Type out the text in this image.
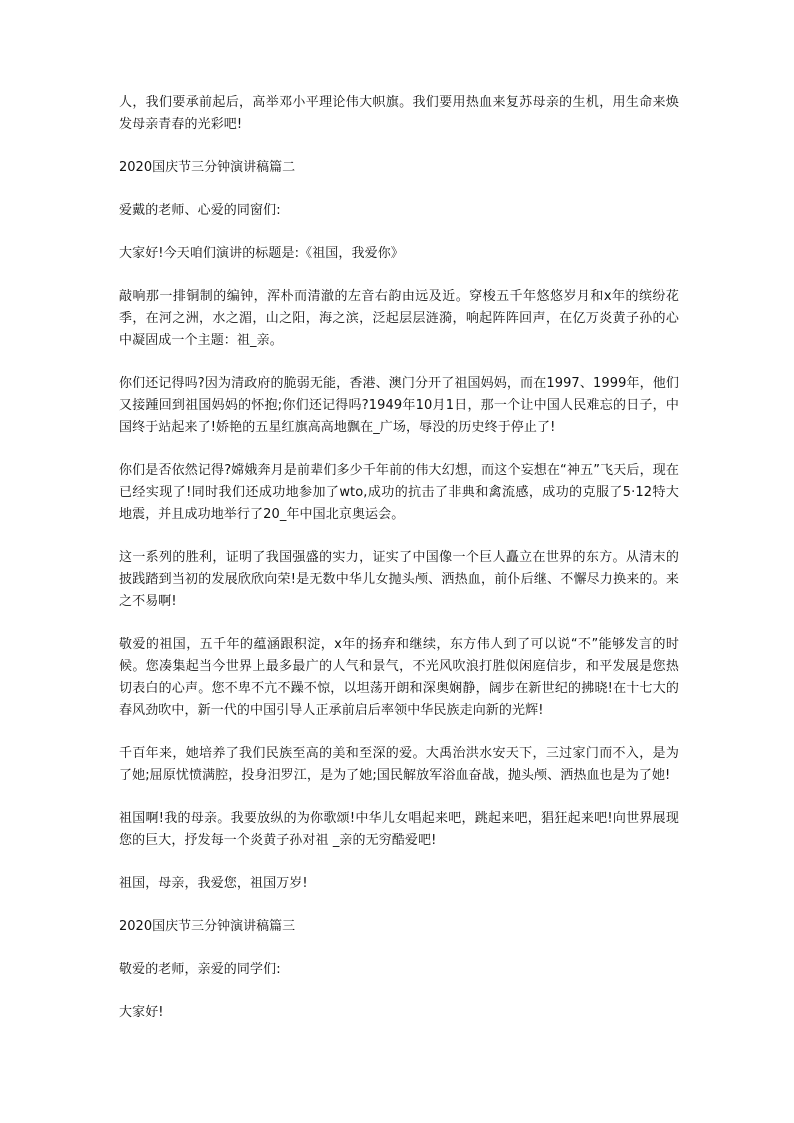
人，我们要承前起后，高举邓小平理论伟大帜旗。我们要用热血来复苏母亲的生机，用生命来焕发母亲青春的光彩吧!

2020国庆节三分钟演讲稿篇二

爱戴的老师、心爱的同窗们:

大家好!今天咱们演讲的标题是:《祖国，我爱你》

敲响那一排铜制的编钟，浑朴而清澈的左音右韵由远及近。穿梭五千年悠悠岁月和x年的缤纷花季，在河之洲，水之湄，山之阳，海之滨，泛起层层涟漪，响起阵阵回声，在亿万炎黄子孙的心中凝固成一个主题：祖_亲。

你们还记得吗?因为清政府的脆弱无能，香港、澳门分开了祖国妈妈，而在1997、1999年，他们又接踵回到祖国妈妈的怀抱;你们还记得吗?1949年10月1日，那一个让中国人民难忘的日子，中国终于站起来了!娇艳的五星红旗高高地飘在_广场，辱没的历史终于停止了!

你们是否依然记得?嫦娥奔月是前辈们多少千年前的伟大幻想，而这个妄想在“神五”飞天后，现在已经实现了!同时我们还成功地参加了wto,成功的抗击了非典和禽流感，成功的克服了5·12特大地震，并且成功地举行了20_年中国北京奥运会。

这一系列的胜利，证明了我国强盛的实力，证实了中国像一个巨人矗立在世界的东方。从清末的披践踏到当初的发展欣欣向荣!是无数中华儿女抛头颅、洒热血，前仆后继、不懈尽力换来的。来之不易啊!

敬爱的祖国，五千年的蕴涵跟积淀，x年的扬弃和继续，东方伟人到了可以说“不”能够发言的时候。您凑集起当今世界上最多最广的人气和景气，不光风吹浪打胜似闲庭信步，和平发展是您热切表白的心声。您不卑不亢不躁不惊，以坦荡开朗和深奥娴静，阔步在新世纪的拂晓!在十七大的春风劲吹中，新一代的中国引导人正承前启后率领中华民族走向新的光辉!

千百年来，她培养了我们民族至高的美和至深的爱。大禹治洪水安天下，三过家门而不入，是为了她;屈原忧愤满腔，投身汨罗江，是为了她;国民解放军浴血奋战，抛头颅、洒热血也是为了她!

祖国啊!我的母亲。我要放纵的为你歌颂!中华儿女唱起来吧，跳起来吧，猖狂起来吧!向世界展现您的巨大，抒发每一个炎黄子孙对祖 _亲的无穷酷爱吧!

祖国，母亲，我爱您，祖国万岁!

2020国庆节三分钟演讲稿篇三

敬爱的老师，亲爱的同学们:

大家好!
